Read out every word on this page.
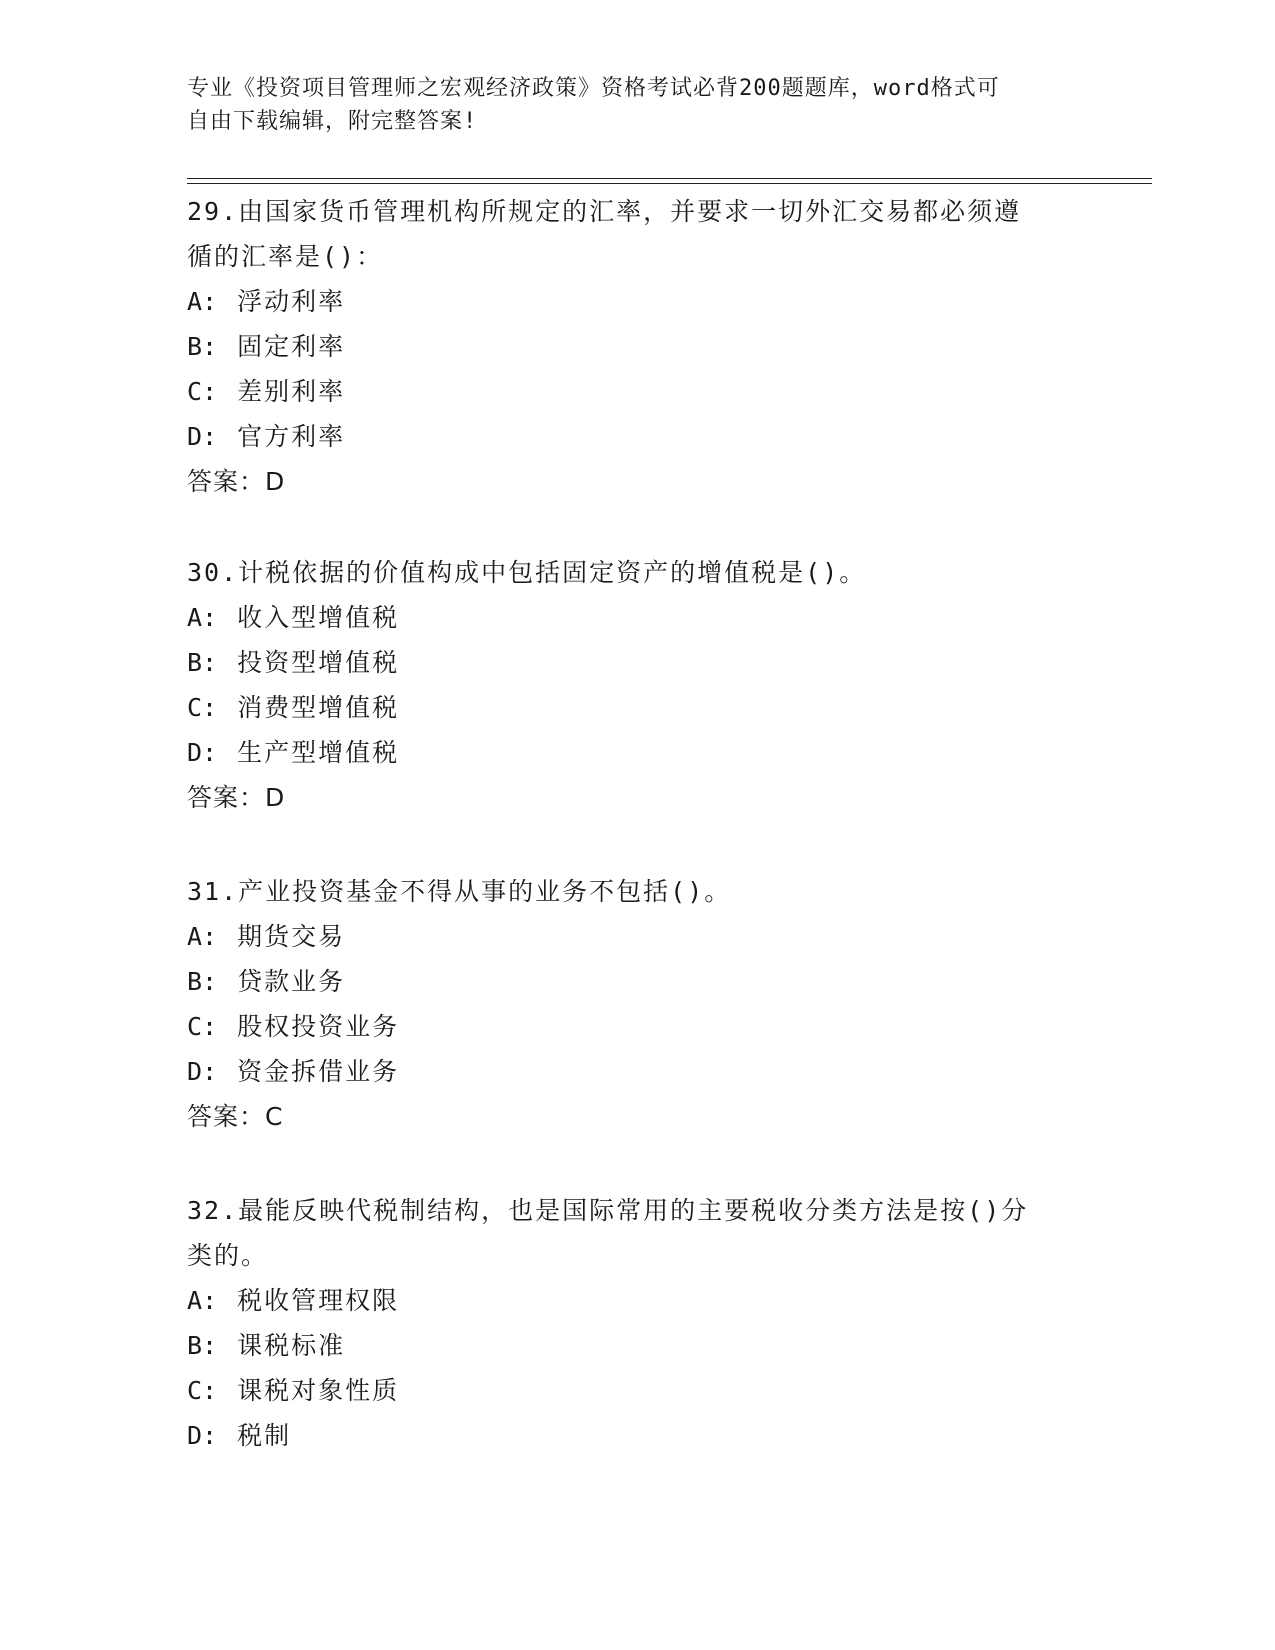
专业《投资项目管理师之宏观经济政策》资格考试必背200题题库，word格式可
自由下载编辑，附完整答案!
29.由国家货币管理机构所规定的汇率，并要求一切外汇交易都必须遵
循的汇率是()：
A: 浮动利率
B: 固定利率
C: 差别利率
D: 官方利率
答案：D
30.计税依据的价值构成中包括固定资产的增值税是()。
A: 收入型增值税
B: 投资型增值税
C: 消费型增值税
D: 生产型增值税
答案：D
31.产业投资基金不得从事的业务不包括()。
A: 期货交易
B: 贷款业务
C: 股权投资业务
D: 资金拆借业务
答案：C
32.最能反映代税制结构，也是国际常用的主要税收分类方法是按()分
类的。
A: 税收管理权限
B: 课税标准
C: 课税对象性质
D: 税制
